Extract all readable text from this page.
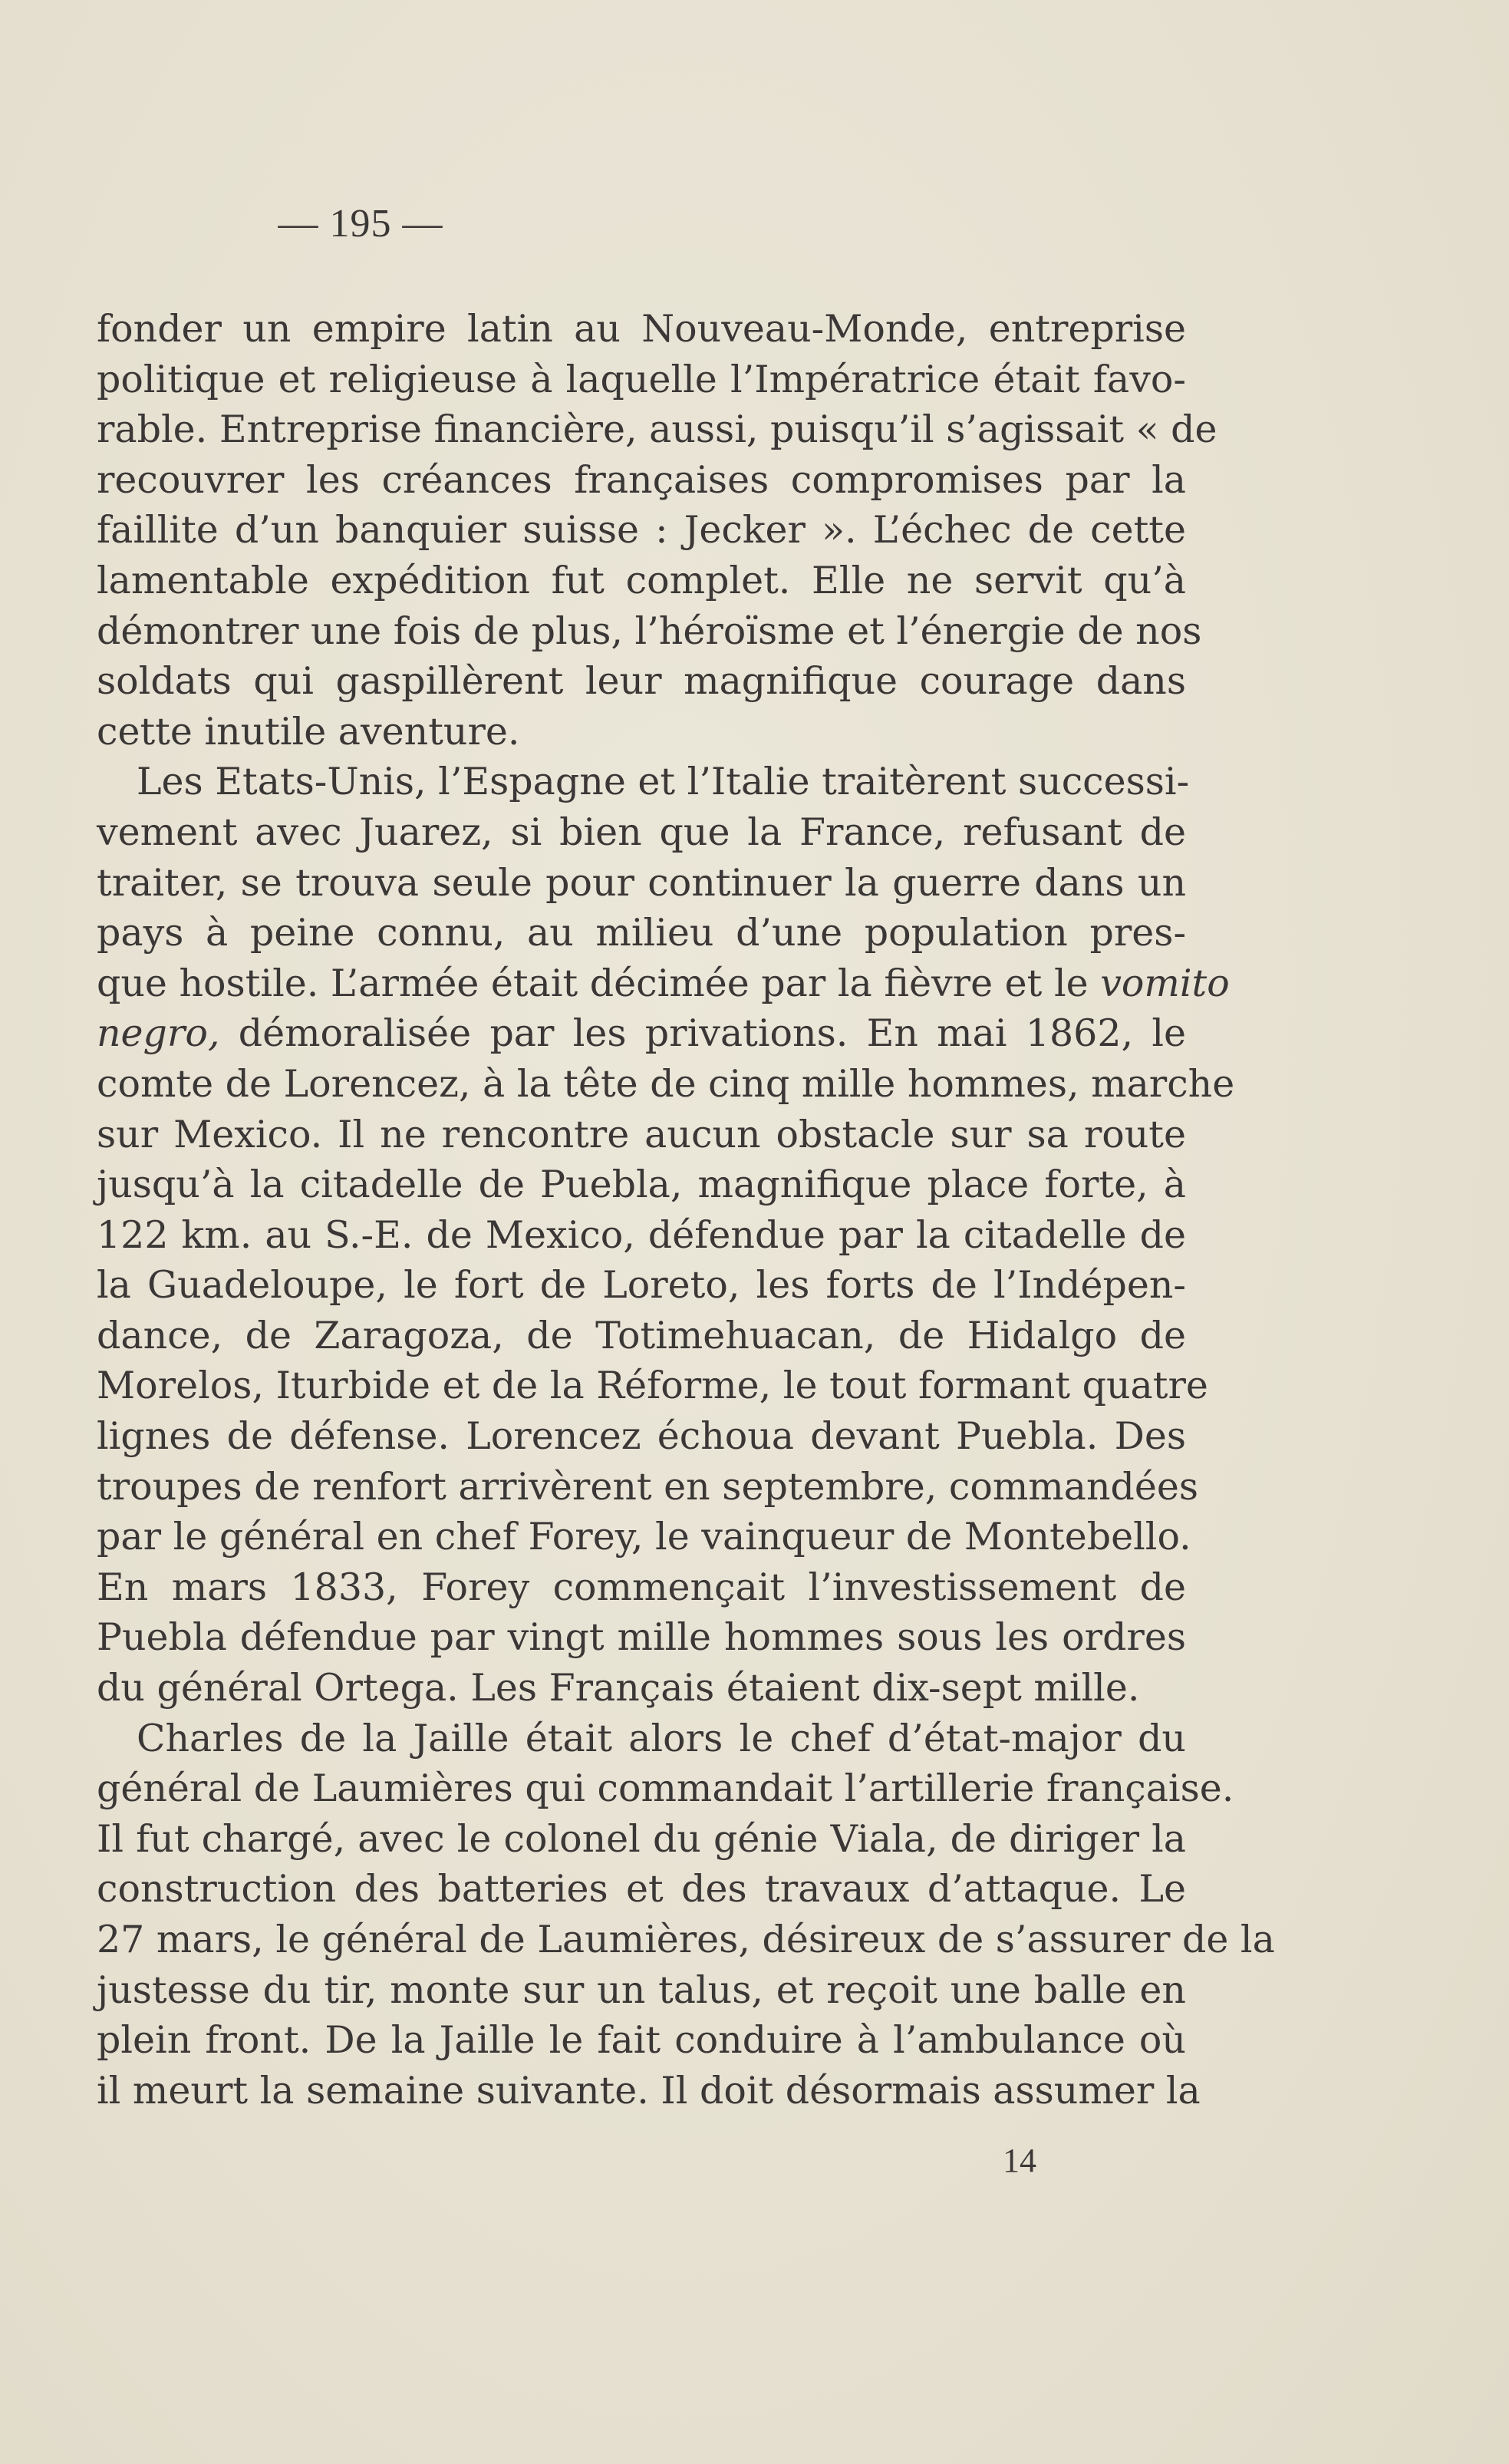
— 195 —
fonder un empire latin au Nouveau-Monde, entreprise
politique et religieuse à laquelle l’Impératrice était favo-
rable. Entreprise financière, aussi, puisqu’il s’agissait « de
recouvrer les créances françaises compromises par la
faillite d’un banquier suisse : Jecker ». L’échec de cette
lamentable expédition fut complet. Elle ne servit qu’à
démontrer une fois de plus, l’héroïsme et l’énergie de nos
soldats qui gaspillèrent leur magnifique courage dans
cette inutile aventure.
Les Etats-Unis, l’Espagne et l’Italie traitèrent successi-
vement avec Juarez, si bien que la France, refusant de
traiter, se trouva seule pour continuer la guerre dans un
pays à peine connu, au milieu d’une population pres-
que hostile. L’armée était décimée par la fièvre et le vomito
negro, démoralisée par les privations. En mai 1862, le
comte de Lorencez, à la tête de cinq mille hommes, marche
sur Mexico. Il ne rencontre aucun obstacle sur sa route
jusqu’à la citadelle de Puebla, magnifique place forte, à
122 km. au S.-E. de Mexico, défendue par la citadelle de
la Guadeloupe, le fort de Loreto, les forts de l’Indépen-
dance, de Zaragoza, de Totimehuacan, de Hidalgo de
Morelos, Iturbide et de la Réforme, le tout formant quatre
lignes de défense. Lorencez échoua devant Puebla. Des
troupes de renfort arrivèrent en septembre, commandées
par le général en chef Forey, le vainqueur de Montebello.
En mars 1833, Forey commençait l’investissement de
Puebla défendue par vingt mille hommes sous les ordres
du général Ortega. Les Français étaient dix-sept mille.
Charles de la Jaille était alors le chef d’état-major du
général de Laumières qui commandait l’artillerie française.
Il fut chargé, avec le colonel du génie Viala, de diriger la
construction des batteries et des travaux d’attaque. Le
27 mars, le général de Laumières, désireux de s’assurer de la
justesse du tir, monte sur un talus, et reçoit une balle en
plein front. De la Jaille le fait conduire à l’ambulance où
il meurt la semaine suivante. Il doit désormais assumer la
14
